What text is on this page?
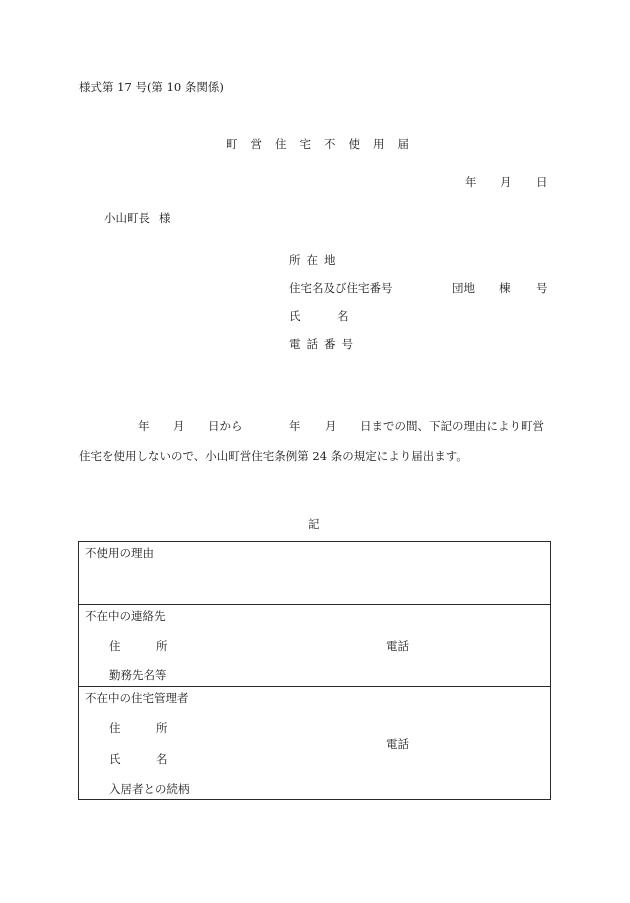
様式第 17 号(第 10 条関係)
町営住宅不使用届
年 月 日
小山町長 様
所在地
住宅名及び住宅番号	団地 棟 号
氏	名
電話番号
年 月 日から	年 月 日までの間、下記の理由により町営
住宅を使用しないので、小山町営住宅条例第 24 条の規定により届出ます。
記
不使用の理由

不在中の連絡先
住	所	電話
勤務先名等

不在中の住宅管理者
住	所
電話
氏	名
入居者との続柄
